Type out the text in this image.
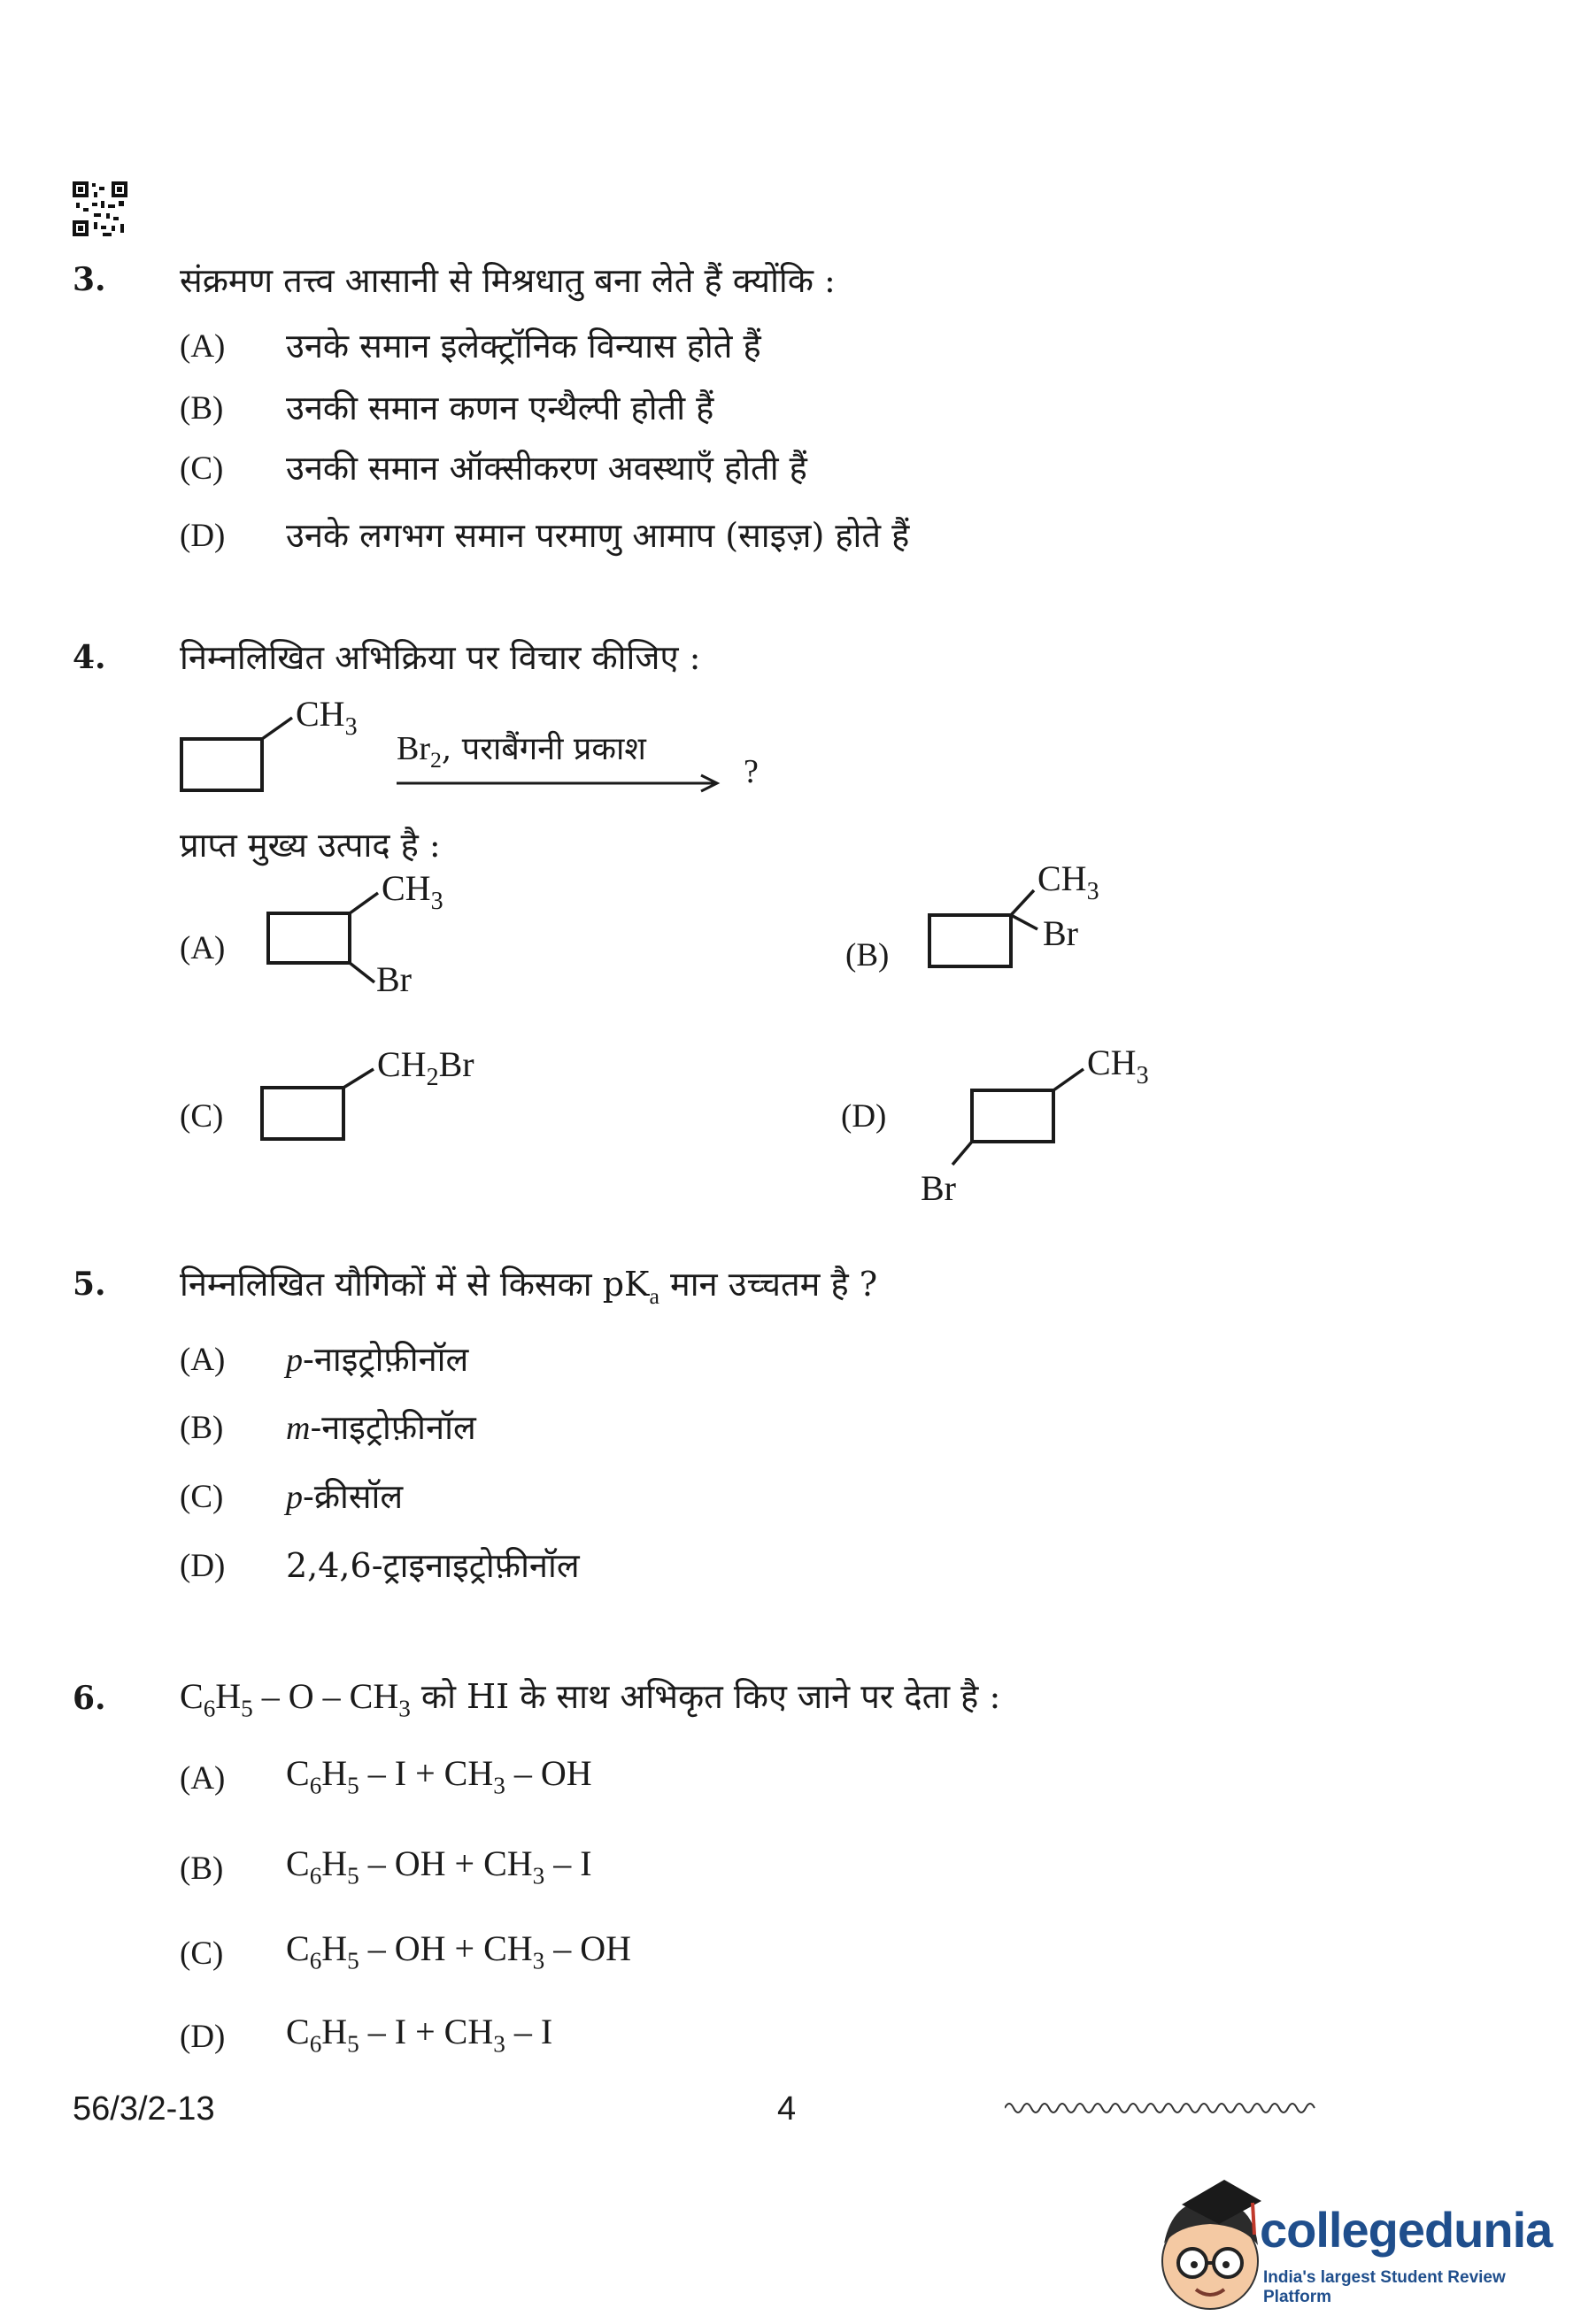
3. संक्रमण तत्त्व आसानी से मिश्रधातु बना लेते हैं क्योंकि :
(A) उनके समान इलेक्ट्रॉनिक विन्यास होते हैं
(B) उनकी समान कणन एन्थैल्पी होती हैं
(C) उनकी समान ऑक्सीकरण अवस्थाएँ होती हैं
(D) उनके लगभग समान परमाणु आमाप (साइज़) होते हैं
4. निम्नलिखित अभिक्रिया पर विचार कीजिए :
$CH_3$
$Br_2$, पराबैंगनी प्रकाश
?
प्राप्त मुख्य उत्पाद है :
(A)
$CH_3$
Br
(B)
$CH_3$
Br
(C)
$CH_2Br$
(D)
$CH_3$
Br
5. निम्नलिखित यौगिकों में से किसका $pK_a$ मान उच्चतम है ?
(A) p-नाइट्रोफ़ीनॉल
(B) m-नाइट्रोफ़ीनॉल
(C) p-क्रीसॉल
(D) 2,4,6-ट्राइनाइट्रोफ़ीनॉल
6. $C_6H_5$ – O – $CH_3$ को HI के साथ अभिकृत किए जाने पर देता है :
(A) $C_6H_5 - I + CH_3$ – OH
(B) $C_6H_5$ – OH + $CH_3$ – I
(C) $C_6H_5$ – OH + $CH_3$ – OH
(D) $C_6H_5 - I + CH_3 - I$
56/3/2-13	4
collegedunia
India's largest Student Review Platform
